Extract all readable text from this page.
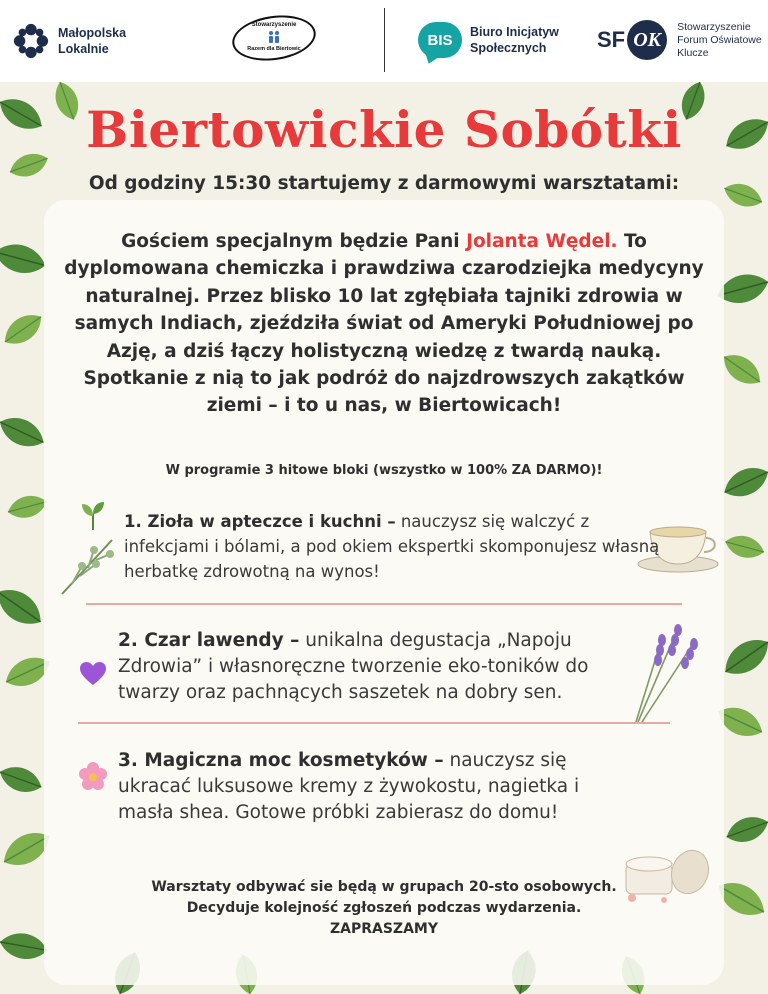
Małopolska
Lokalnie
Stowarzyszenie
Razem dla Biertowic
BIS	Biuro Inicjatyw
Społecznych	SF OK
Stowarzyszenie
Forum Oświatowe
Klucze
Biertowickie Sobótki
Od godziny 15:30 startujemy z darmowymi warsztatami:
Gościem specjalnym będzie Pani Jolanta Wędel. To dyplomowana chemiczka i prawdziwa czarodziejka medycyny naturalnej. Przez blisko 10 lat zgłębiała tajniki zdrowia w samych Indiach, zjeździła świat od Ameryki Południowej po Azję, a dziś łączy holistyczną wiedzę z twardą nauką. Spotkanie z nią to jak podróż do najzdrowszych zakątków ziemi – i to u nas, w Biertowicach!
W programie 3 hitowe bloki (wszystko w 100% ZA DARMO)!
1. Zioła w apteczce i kuchni – nauczysz się walczyć z infekcjami i bólami, a pod okiem ekspertki skomponujesz własną herbatkę zdrowotną na wynos!
2. Czar lawendy – unikalna degustacja „Napoju Zdrowia” i własnoręczne tworzenie eko-toników do twarzy oraz pachnących saszetek na dobry sen.
3. Magiczna moc kosmetyków – nauczysz się ukracać luksusowe kremy z żywokostu, nagietka i masła shea. Gotowe próbki zabierasz do domu!
Warsztaty odbywać sie będą w grupach 20-sto osobowych.
Decyduje kolejność zgłoszeń podczas wydarzenia.
ZAPRASZAMY
